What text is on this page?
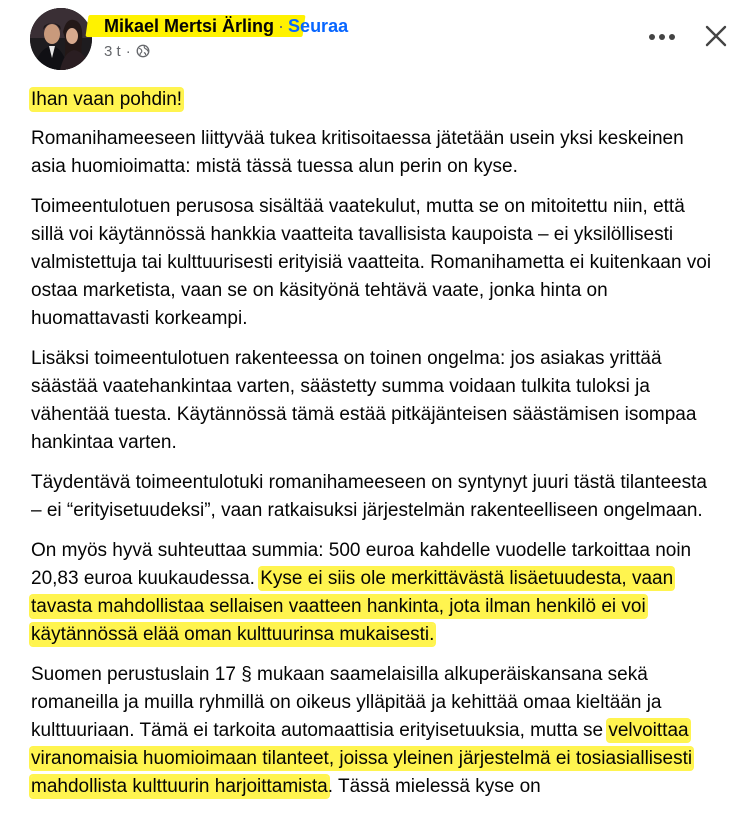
Mikael Mertsi Ärling · Seuraa
3 t ·

Ihan vaan pohdin!

Romanihameeseen liittyvää tukea kritisoitaessa jätetään usein yksi keskeinen asia huomioimatta: mistä tässä tuessa alun perin on kyse.

Toimeentulotuen perusosa sisältää vaatekulut, mutta se on mitoitettu niin, että sillä voi käytännössä hankkia vaatteita tavallisista kaupoista – ei yksilöllisesti valmistettuja tai kulttuurisesti erityisiä vaatteita. Romanihametta ei kuitenkaan voi ostaa marketista, vaan se on käsityönä tehtävä vaate, jonka hinta on huomattavasti korkeampi.

Lisäksi toimeentulotuen rakenteessa on toinen ongelma: jos asiakas yrittää säästää vaatehankintaa varten, säästetty summa voidaan tulkita tuloksi ja vähentää tuesta. Käytännössä tämä estää pitkäjänteisen säästämisen isompaa hankintaa varten.

Täydentävä toimeentulotuki romanihameeseen on syntynyt juuri tästä tilanteesta – ei “erityisetuudeksi”, vaan ratkaisuksi järjestelmän rakenteelliseen ongelmaan.

On myös hyvä suhteuttaa summia: 500 euroa kahdelle vuodelle tarkoittaa noin 20,83 euroa kuukaudessa. Kyse ei siis ole merkittävästä lisäetuudesta, vaan tavasta mahdollistaa sellaisen vaatteen hankinta, jota ilman henkilö ei voi käytännössä elää oman kulttuurinsa mukaisesti.

Suomen perustuslain 17 § mukaan saamelaisilla alkuperäiskansana sekä romaneilla ja muilla ryhmillä on oikeus ylläpitää ja kehittää omaa kieltään ja kulttuuriaan. Tämä ei tarkoita automaattisia erityisetuuksia, mutta se velvoittaa viranomaisia huomioimaan tilanteet, joissa yleinen järjestelmä ei tosiasiallisesti mahdollista kulttuurin harjoittamista. Tässä mielessä kyse on
